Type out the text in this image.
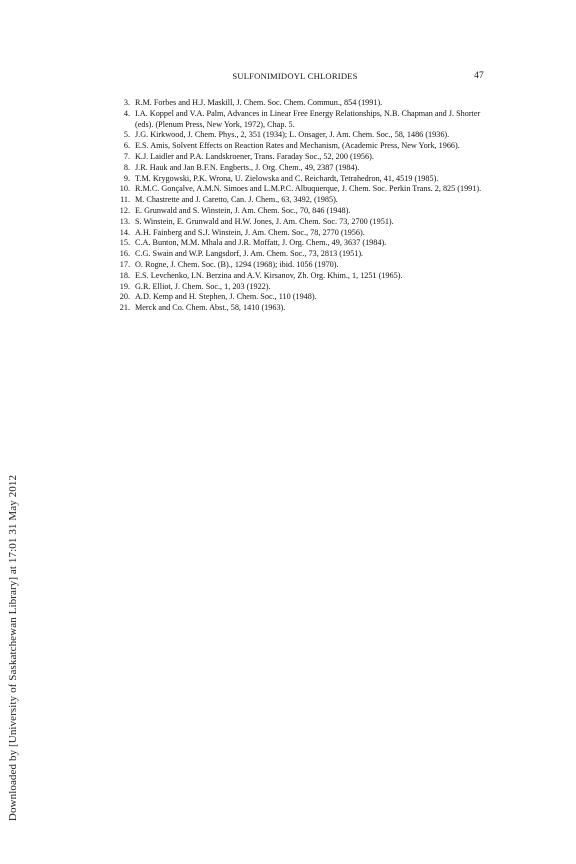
SULFONIMIDOYL CHLORIDES	47
Downloaded by [University of Saskatchewan Library] at 17:01 31 May 2012
3. R.M. Forbes and H.J. Maskill, J. Chem. Soc. Chem. Commun., 854 (1991).
4. I.A. Koppel and V.A. Palm, Advances in Linear Free Energy Relationships, N.B. Chapman and J. Shorter (eds). (Plenum Press, New York, 1972), Chap. 5.
5. J.G. Kirkwood, J. Chem. Phys., 2, 351 (1934); L. Onsager, J. Am. Chem. Soc., 58, 1486 (1936).
6. E.S. Amis, Solvent Effects on Reaction Rates and Mechanism, (Academic Press, New York, 1966).
7. K.J. Laidler and P.A. Landskroener, Trans. Faraday Soc., 52, 200 (1956).
8. J.R. Hauk and Jan B.F.N. Engberts., J. Org. Chem., 49, 2387 (1984).
9. T.M. Krygowski, P.K. Wrona, U. Zielowska and C. Reichardt, Tetrahedron, 41, 4519 (1985).
10. R.M.C. Gonçalve, A.M.N. Simoes and L.M.P.C. Albuquerque, J. Chem. Soc. Perkin Trans. 2, 825 (1991).
11. M. Chastrette and J. Caretto, Can. J. Chem., 63, 3492, (1985).
12. E. Grunwald and S. Winstein, J. Am. Chem. Soc., 70, 846 (1948).
13. S. Winstein, E. Grunwald and H.W. Jones, J. Am. Chem. Soc. 73, 2700 (1951).
14. A.H. Fainberg and S.J. Winstein, J. Am. Chem. Soc., 78, 2770 (1956).
15. C.A. Bunton, M.M. Mhala and J.R. Moffatt, J. Org. Chem., 49, 3637 (1984).
16. C.G. Swain and W.P. Langsdorf, J. Am. Chem. Soc., 73, 2813 (1951).
17. O. Rogne, J. Chem. Soc. (B)., 1294 (1968); ibid. 1056 (1970).
18. E.S. Levchenko, I.N. Berzina and A.V. Kirsanov, Zh. Org. Khim., 1, 1251 (1965).
19. G.R. Elliot, J. Chem. Soc., 1, 203 (1922).
20. A.D. Kemp and H. Stephen, J. Chem. Soc., 110 (1948).
21. Merck and Co. Chem. Abst., 58, 1410 (1963).
